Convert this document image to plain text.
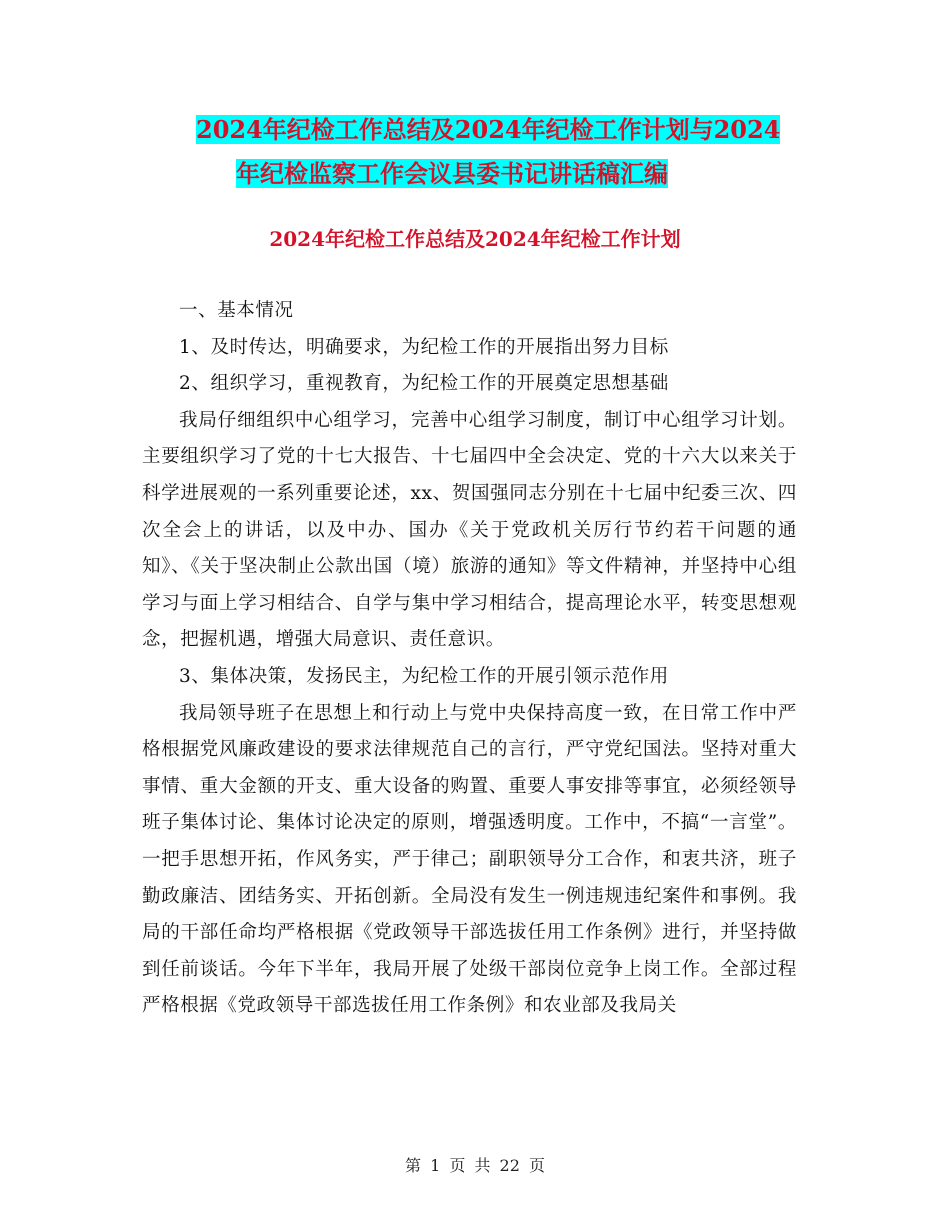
2024年纪检工作总结及2024年纪检工作计划与2024
年纪检监察工作会议县委书记讲话稿汇编
2024年纪检工作总结及2024年纪检工作计划

一、基本情况

1、及时传达，明确要求，为纪检工作的开展指出努力目标

2、组织学习，重视教育，为纪检工作的开展奠定思想基础

我局仔细组织中心组学习，完善中心组学习制度，制订中心组学习计划。主要组织学习了党的十七大报告、十七届四中全会决定、党的十六大以来关于科学进展观的一系列重要论述，xx、贺国强同志分别在十七届中纪委三次、四次全会上的讲话，以及中办、国办《关于党政机关厉行节约若干问题的通知》、《关于坚决制止公款出国（境）旅游的通知》等文件精神，并坚持中心组学习与面上学习相结合、自学与集中学习相结合，提高理论水平，转变思想观念，把握机遇，增强大局意识、责任意识。

3、集体决策，发扬民主，为纪检工作的开展引领示范作用

我局领导班子在思想上和行动上与党中央保持高度一致，在日常工作中严格根据党风廉政建设的要求法律规范自己的言行，严守党纪国法。坚持对重大事情、重大金额的开支、重大设备的购置、重要人事安排等事宜，必须经领导班子集体讨论、集体讨论决定的原则，增强透明度。工作中，不搞“一言堂”。一把手思想开拓，作风务实，严于律己；副职领导分工合作，和衷共济，班子勤政廉洁、团结务实、开拓创新。全局没有发生一例违规违纪案件和事例。我局的干部任命均严格根据《党政领导干部选拔任用工作条例》进行，并坚持做到任前谈话。今年下半年，我局开展了处级干部岗位竞争上岗工作。全部过程严格根据《党政领导干部选拔任用工作条例》和农业部及我局关

第 1 页 共 22 页
